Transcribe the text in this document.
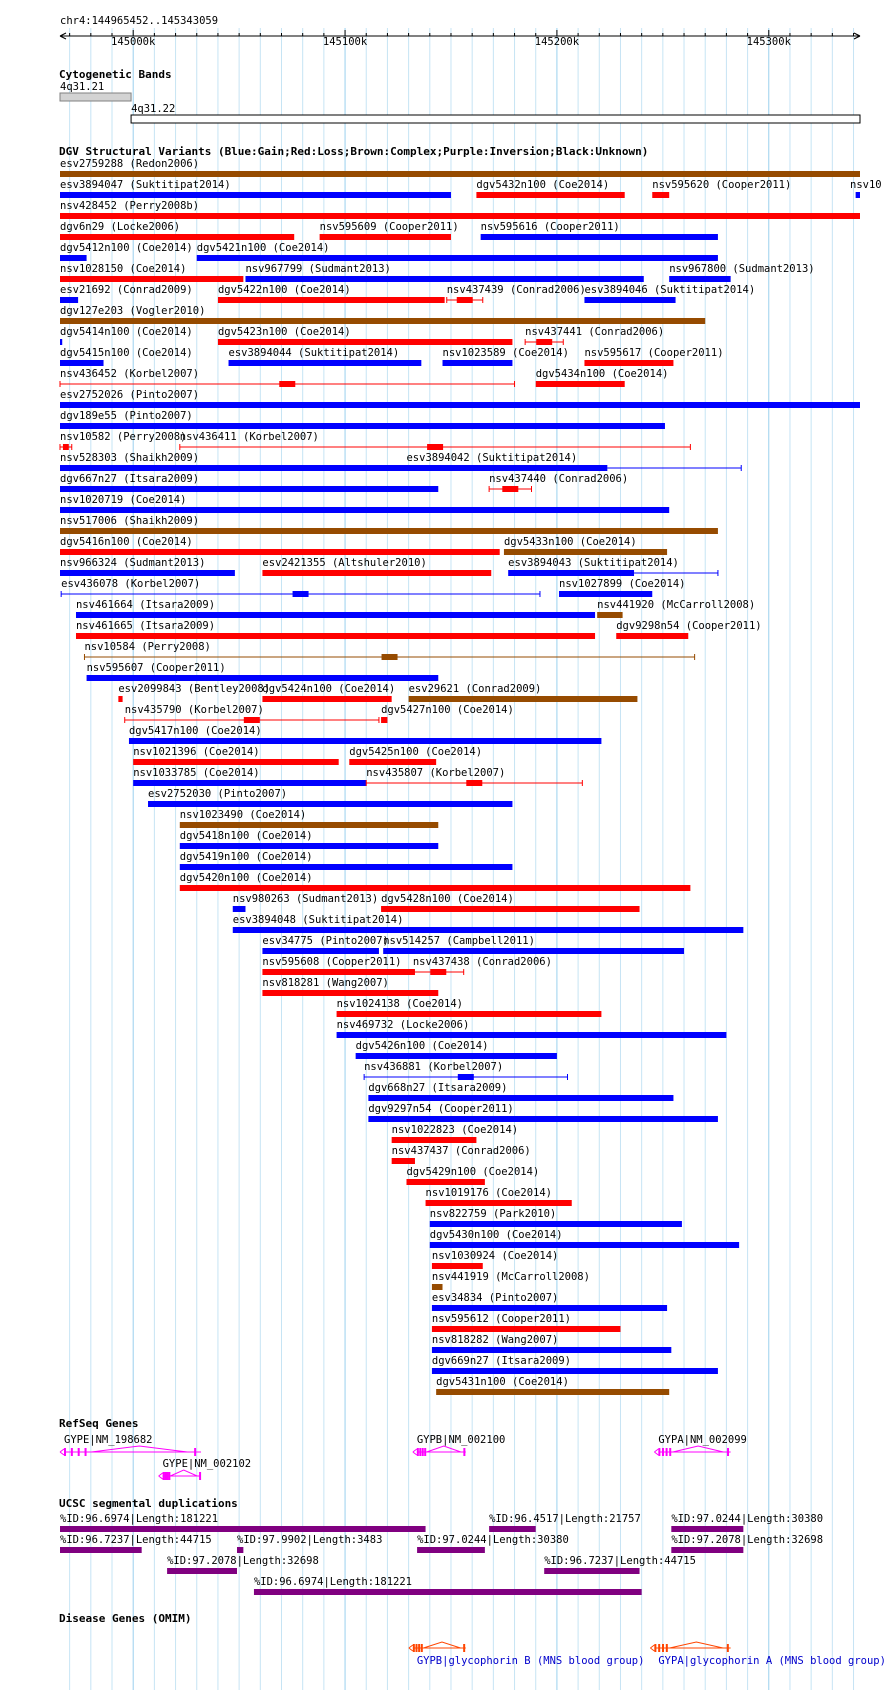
chr4:144965452..145343059
145000k	145100k	145200k	145300k
Cytogenetic Bands
4q31.21
4q31.22
DGV Structural Variants (Blue:Gain;Red:Loss;Brown:Complex;Purple:Inversion;Black:Unknown)
esv2759288 (Redon2006)
esv3894047 (Suktitipat2014)	dgv5432n100 (Coe2014)	nsv595620 (Cooper2011)	nsv10
nsv428452 (Perry2008b)
dgv6n29 (Locke2006)	nsv595609 (Cooper2011) nsv595616 (Cooper2011)
dgv5412n100 (Coe2014) dgv5421n100 (Coe2014)
nsv1028150 (Coe2014)	nsv967799 (Sudmant2013)	nsv967800 (Sudmant2013)
esv21692 (Conrad2009) dgv5422n100 (Coe2014)	nsv437439 (Conrad2006)
esv3894046 (Suktitipat2014)
dgv127e203 (Vogler2010)
dgv5414n100 (Coe2014) dgv5423n100 (Coe2014)	nsv437441 (Conrad2006)
dgv5415n100 (Coe2014)	esv3894044 (Suktitipat2014)	nsv1023589 (Coe2014) nsv595617 (Cooper2011)
nsv436452 (Korbel2007)	dgv5434n100 (Coe2014)
esv2752026 (Pinto2007)
dgv189e55 (Pinto2007)
nsv10582 (Perry2008)
nsv436411 (Korbel2007)
nsv528303 (Shaikh2009)	esv3894042 (Suktitipat2014)
dgv667n27 (Itsara2009)	nsv437440 (Conrad2006)
nsv1020719 (Coe2014)
nsv517006 (Shaikh2009)
dgv5416n100 (Coe2014)	dgv5433n100 (Coe2014)
nsv966324 (Sudmant2013)	esv2421355 (Altshuler2010)	esv3894043 (Suktitipat2014)
esv436078 (Korbel2007)	nsv1027899 (Coe2014)
nsv461664 (Itsara2009)	nsv441920 (McCarroll2008)
nsv461665 (Itsara2009)	dgv9298n54 (Cooper2011)
nsv10584 (Perry2008)
nsv595607 (Cooper2011)
esv2099843 (Bentley2008)
dgv5424n100 (Coe2014) esv29621 (Conrad2009)
nsv435790 (Korbel2007)	dgv5427n100 (Coe2014)
dgv5417n100 (Coe2014)
nsv1021396 (Coe2014)	dgv5425n100 (Coe2014)
nsv1033785 (Coe2014)	nsv435807 (Korbel2007)
esv2752030 (Pinto2007)
nsv1023490 (Coe2014)
dgv5418n100 (Coe2014)
dgv5419n100 (Coe2014)
dgv5420n100 (Coe2014)
nsv980263 (Sudmant2013) dgv5428n100 (Coe2014)
esv3894048 (Suktitipat2014)
esv34775 (Pinto2007)
nsv514257 (Campbell2011)
nsv595608 (Cooper2011) nsv437438 (Conrad2006)
nsv818281 (Wang2007)
nsv1024138 (Coe2014)
nsv469732 (Locke2006)
dgv5426n100 (Coe2014)
nsv436881 (Korbel2007)
dgv668n27 (Itsara2009)
dgv9297n54 (Cooper2011)
nsv1022823 (Coe2014)
nsv437437 (Conrad2006)
dgv5429n100 (Coe2014)
nsv1019176 (Coe2014)
nsv822759 (Park2010)
dgv5430n100 (Coe2014)
nsv1030924 (Coe2014)
nsv441919 (McCarroll2008)
esv34834 (Pinto2007)
nsv595612 (Cooper2011)
nsv818282 (Wang2007)
dgv669n27 (Itsara2009)
dgv5431n100 (Coe2014)
RefSeq Genes
GYPE|NM_198682
GYPE|NM_002102
GYPB|NM_002100	GYPA|NM_002099
UCSC segmental duplications
%ID:96.6974|Length:181221	%ID:96.4517|Length:21757	%ID:97.0244|Length:30380
%ID:96.7237|Length:44715 %ID:97.9902|Length:3483	%ID:97.0244|Length:30380	%ID:97.2078|Length:32698
%ID:97.2078|Length:32698	%ID:96.7237|Length:44715
%ID:96.6974|Length:181221
Disease Genes (OMIM)
GYPB|glycophorin B (MNS blood group) GYPA|glycophorin A (MNS blood group)
